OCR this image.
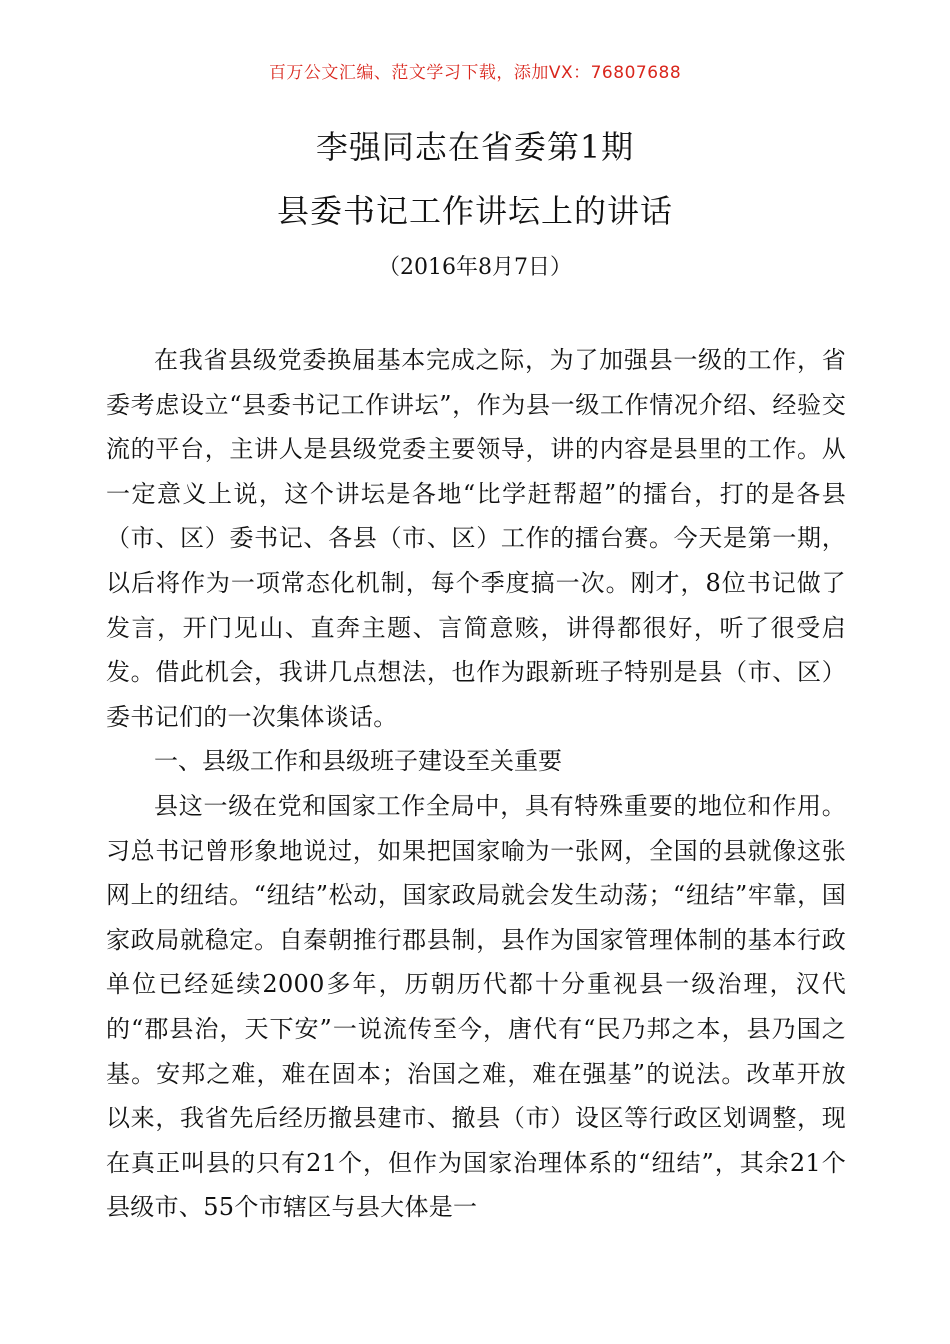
百万公文汇编、范文学习下载，添加VX：76807688
李强同志在省委第1期
县委书记工作讲坛上的讲话
（2016年8月7日）

在我省县级党委换届基本完成之际，为了加强县一级的工作，省委考虑设立“县委书记工作讲坛”，作为县一级工作情况介绍、经验交流的平台，主讲人是县级党委主要领导，讲的内容是县里的工作。从一定意义上说，这个讲坛是各地“比学赶帮超”的擂台，打的是各县（市、区）委书记、各县（市、区）工作的擂台赛。今天是第一期，以后将作为一项常态化机制，每个季度搞一次。刚才，8位书记做了发言，开门见山、直奔主题、言简意赅，讲得都很好，听了很受启发。借此机会，我讲几点想法，也作为跟新班子特别是县（市、区）委书记们的一次集体谈话。

一、县级工作和县级班子建设至关重要

县这一级在党和国家工作全局中，具有特殊重要的地位和作用。习总书记曾形象地说过，如果把国家喻为一张网，全国的县就像这张网上的纽结。“纽结”松动，国家政局就会发生动荡；“纽结”牢靠，国家政局就稳定。自秦朝推行郡县制，县作为国家管理体制的基本行政单位已经延续2000多年，历朝历代都十分重视县一级治理，汉代的“郡县治，天下安”一说流传至今，唐代有“民乃邦之本，县乃国之基。安邦之难，难在固本；治国之难，难在强基”的说法。改革开放以来，我省先后经历撤县建市、撤县（市）设区等行政区划调整，现在真正叫县的只有21个，但作为国家治理体系的“纽结”，其余21个县级市、55个市辖区与县大体是一
